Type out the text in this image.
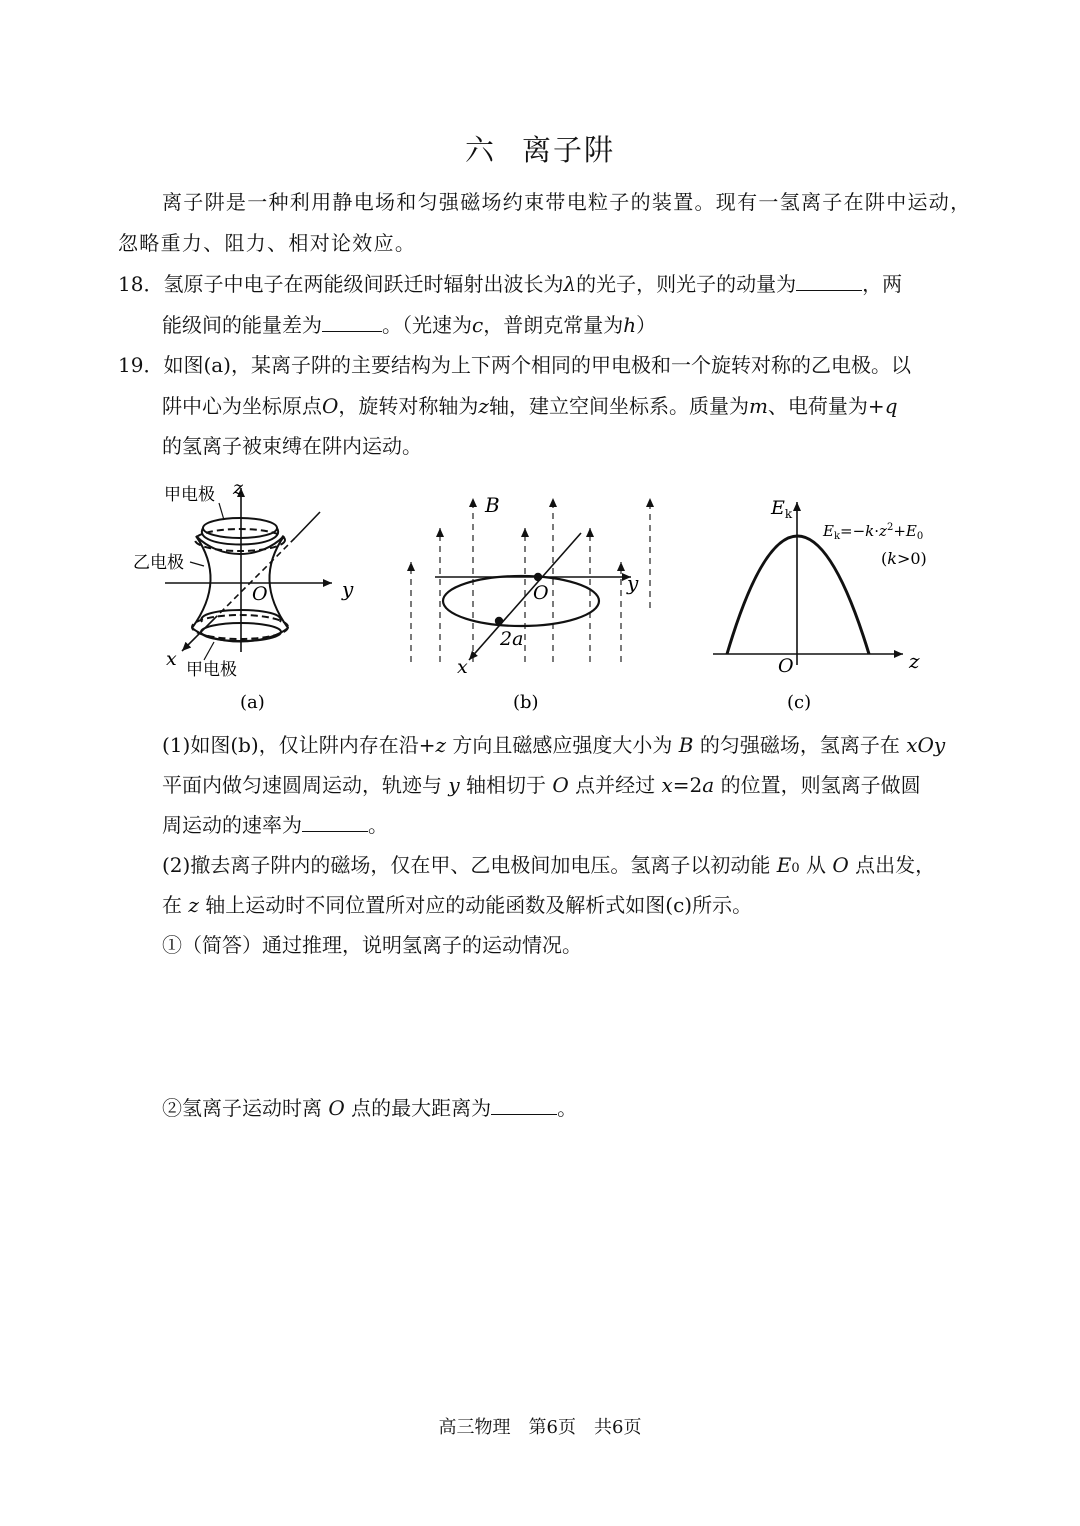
六 离子阱
离子阱是一种利用静电场和匀强磁场约束带电粒子的装置。现有一氢离子在阱中运动，
忽略重力、阻力、相对论效应。
18．氢原子中电子在两能级间跃迁时辐射出波长为λ的光子，则光子的动量为	，两
能级间的能量差为	。（光速为c，普朗克常量为h）
19．如图(a)，某离子阱的主要结构为上下两个相同的甲电极和一个旋转对称的乙电极。以
阱中心为坐标原点O，旋转对称轴为z轴，建立空间坐标系。质量为m、电荷量为+q
的氢离子被束缚在阱内运动。
甲电极 z
乙电极
O	y
x 甲电极
(a)
B
y
O
2a
x
(b)
$E_k$
$E_k=-k\cdot z^2+E_0$
(k>0)
O	z
(c)
(1)如图(b)，仅让阱内存在沿+z 方向且磁感应强度大小为 B 的匀强磁场，氢离子在 xOy
平面内做匀速圆周运动，轨迹与 y 轴相切于 O 点并经过 x=2a 的位置，则氢离子做圆
周运动的速率为	。
(2)撤去离子阱内的磁场，仅在甲、乙电极间加电压。氢离子以初动能 E0 从 O 点出发，
在 z 轴上运动时不同位置所对应的动能函数及解析式如图(c)所示。
①（简答）通过推理，说明氢离子的运动情况。
②氢离子运动时离 O 点的最大距离为	。
高三物理　第6页　共6页
